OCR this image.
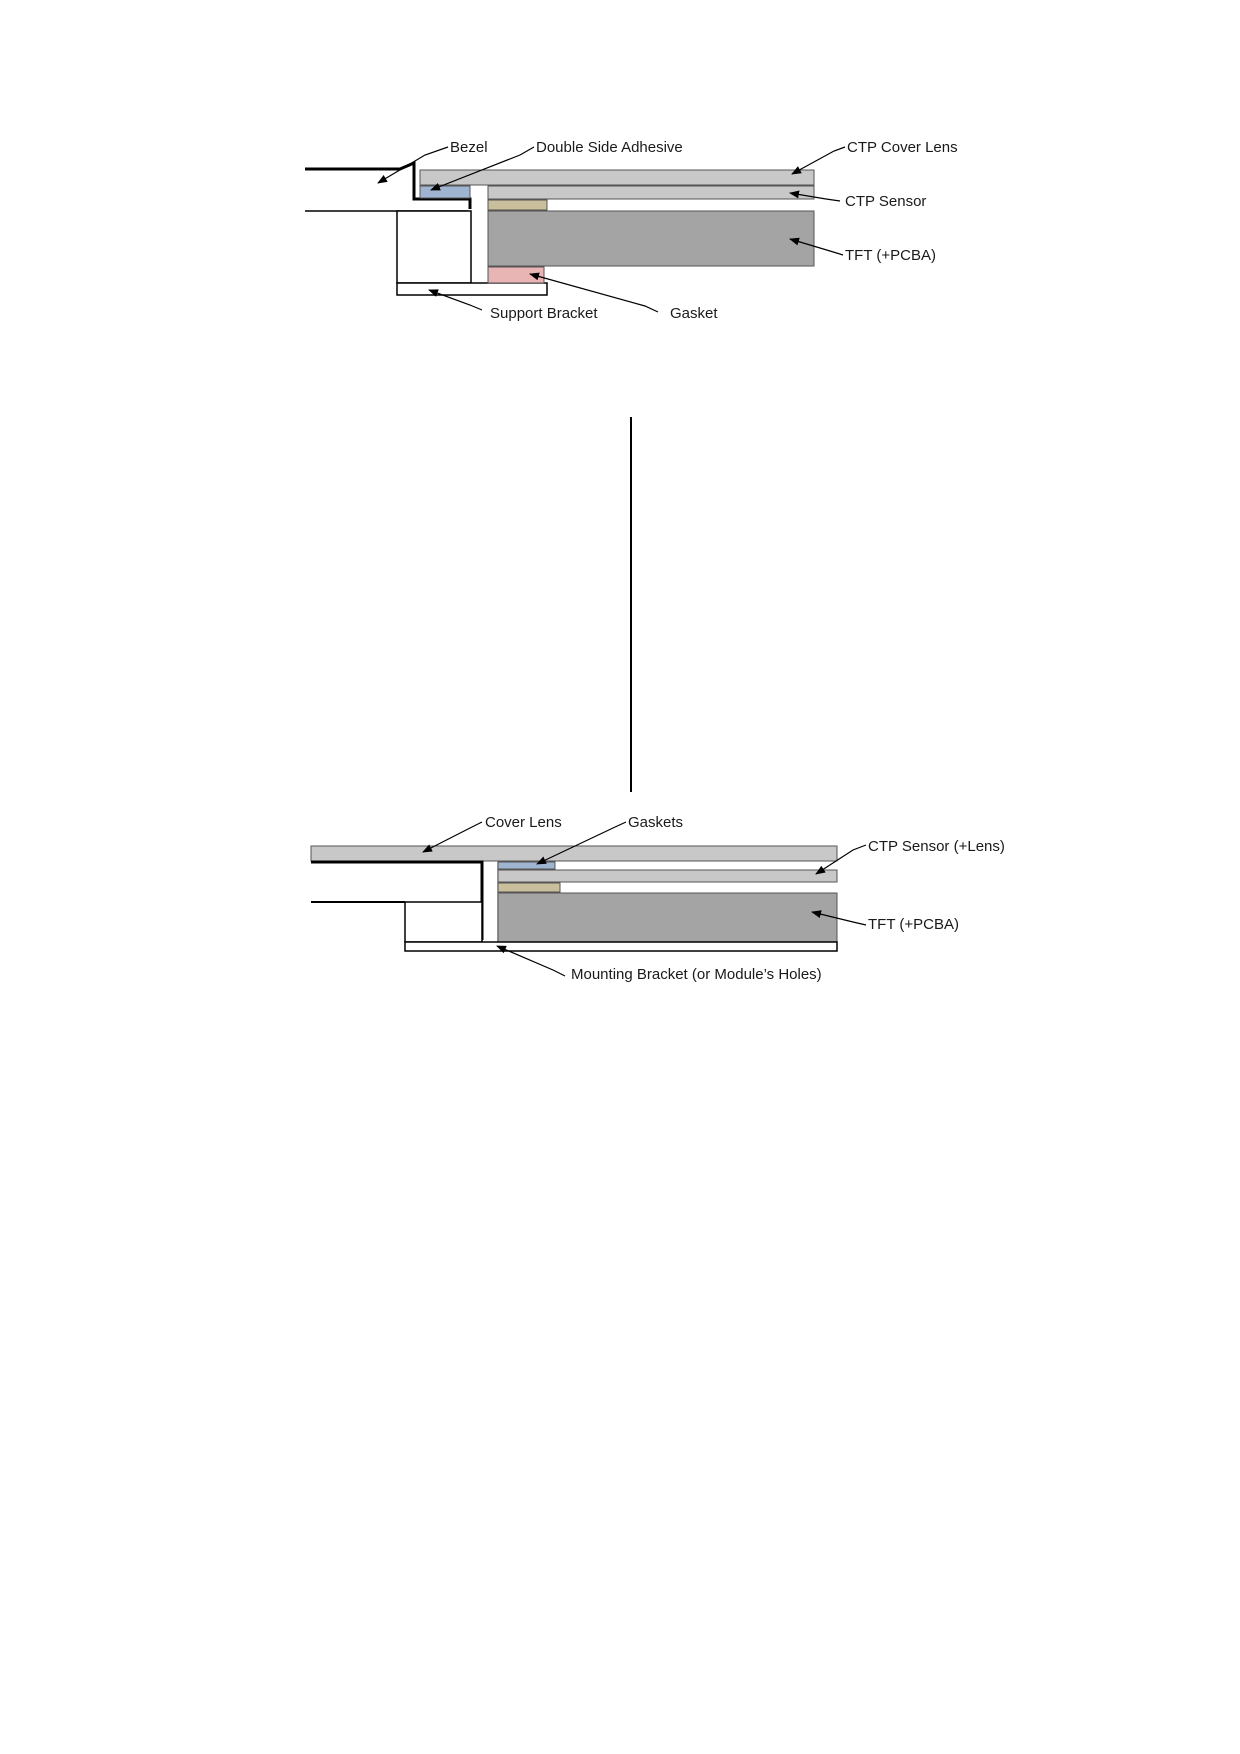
Bezel	Double Side Adhesive	CTP Cover Lens
CTP Sensor
TFT (+PCBA)
Support Bracket	Gasket
Cover Lens	Gaskets
CTP Sensor (+Lens)
TFT (+PCBA)
Mounting Bracket (or Module’s Holes)
